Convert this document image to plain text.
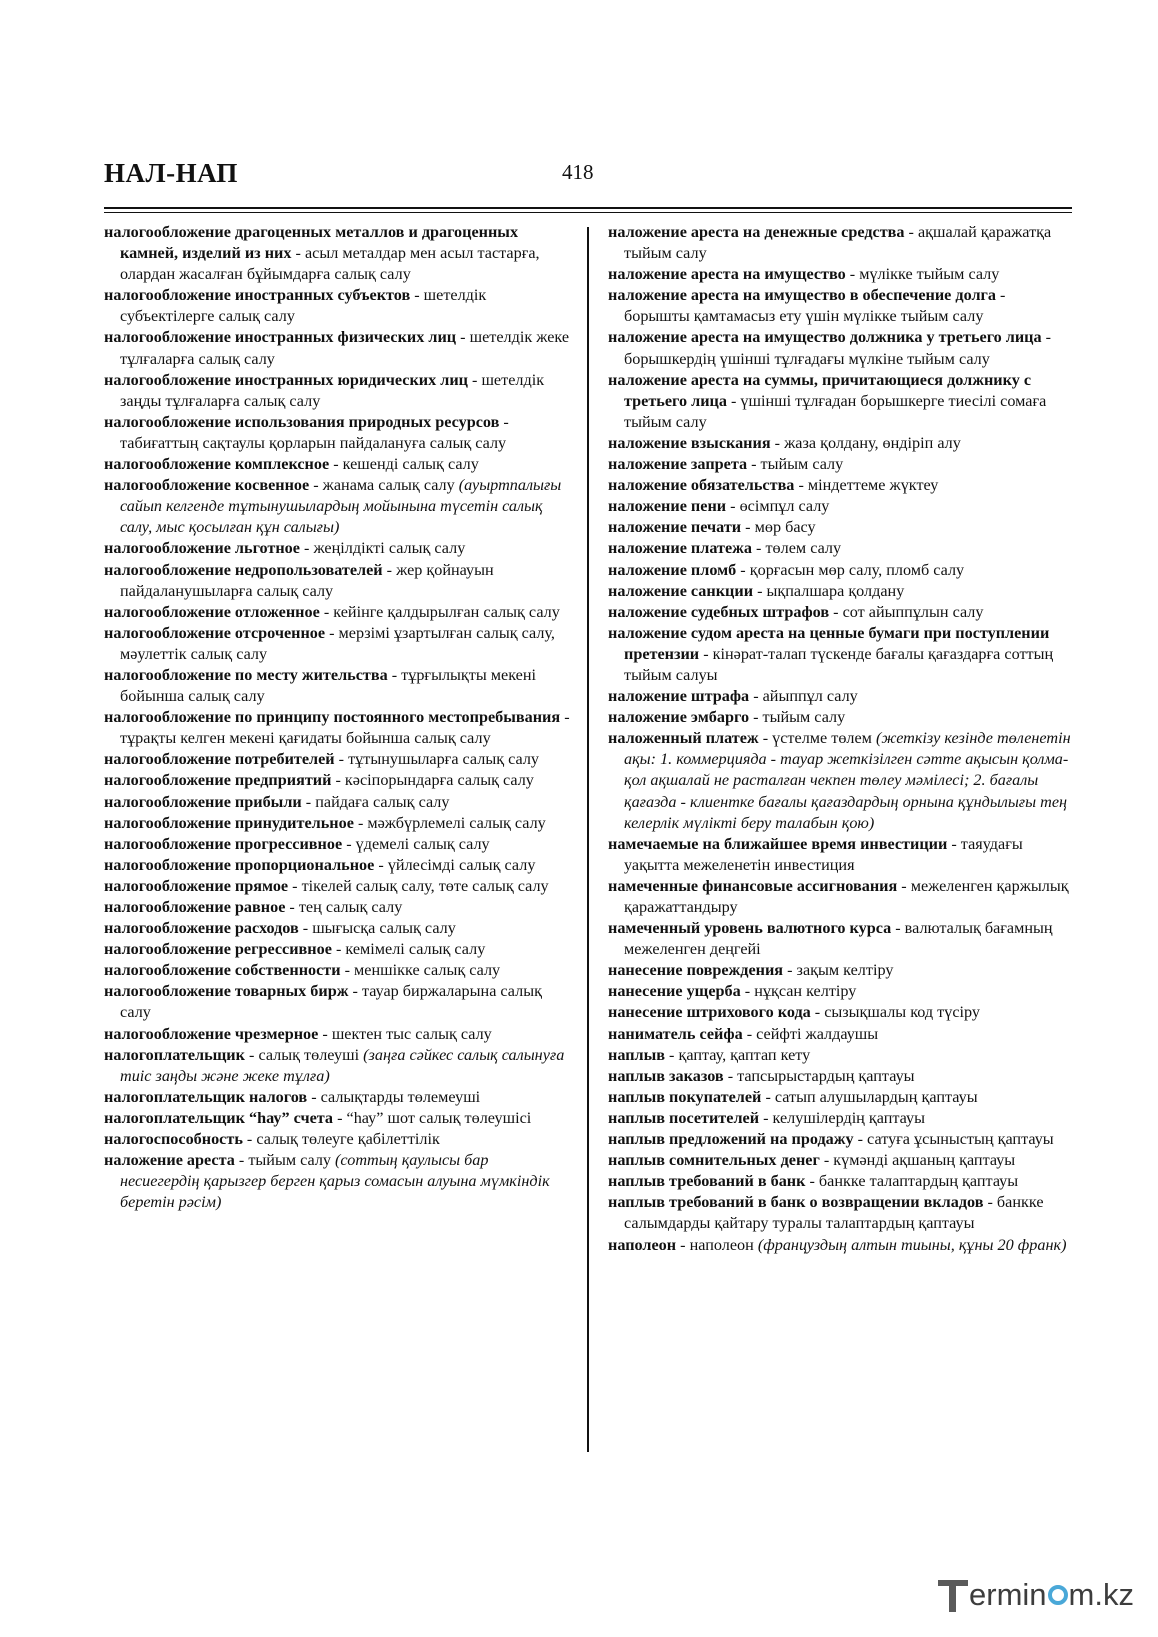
НАЛ-НАП	418

налогообложение драгоценных металлов и драгоценных камней, изделий из них - асыл металдар мен асыл тастарға, олардан жасалған бұйымдарға салық салу

налогообложение иностранных субъектов - шетелдік субъектілерге салық салу

налогообложение иностранных физических лиц - шетелдік жеке тұлғаларға салық салу

налогообложение иностранных юридических лиц - шетелдік заңды тұлғаларға салық салу

налогообложение использования природных ресурсов - табиғаттың сақтаулы қорларын пайдалануға салық салу

налогообложение комплексное - кешенді салық салу

налогообложение косвенное - жанама салық салу (ауыртпалығы сайып келгенде тұтынушылардың мойынына түсетін салық салу, мыс қосылған құн салығы)

налогообложение льготное - жеңілдікті салық салу

налогообложение недропользователей - жер қойнауын пайдаланушыларға салық салу

налогообложение отложенное - кейінге қалдырылған салық салу

налогообложение отсроченное - мерзімі ұзартылған салық салу, мәулеттік салық салу

налогообложение по месту жительства - тұрғылықты мекені бойынша салық салу

налогообложение по принципу постоянного местопребывания - тұрақты келген мекені қағидаты бойынша салық салу

налогообложение потребителей - тұтынушыларға салық салу

налогообложение предприятий - кәсіпорындарға салық салу

налогообложение прибыли - пайдаға салық салу

налогообложение принудительное - мәжбүрлемелі салық салу

налогообложение прогрессивное - үдемелі салық салу

налогообложение пропорциональное - үйлесімді салық салу

налогообложение прямое - тікелей салық салу, төте салық салу

налогообложение равное - тең салық салу

налогообложение расходов - шығысқа салық салу

налогообложение регрессивное - кемімелі салық салу

налогообложение собственности - меншікке салық салу

налогообложение товарных бирж - тауар биржаларына салық салу

налогообложение чрезмерное - шектен тыс салық салу

налогоплательщик - салық төлеуші (заңға сәйкес салық салынуға тиіс заңды және жеке тұлға)

налогоплательщик налогов - салықтарды төлемеуші

налогоплательщик “hау” счета - “hау” шот салық төлеушісі

налогоспособность - салық төлеуге қабілеттілік

наложение ареста - тыйым салу (соттың қаулысы бар несиегердің қарызгер берген қарыз сомасын алуына мүмкіндік беретін рәсім)

наложение ареста на денежные средства - ақшалай қаражатқа тыйым салу

наложение ареста на имущество - мүлікке тыйым салу

наложение ареста на имущество в обеспечение долга - борышты қамтамасыз ету үшін мүлікке тыйым салу

наложение ареста на имущество должника у третьего лица - борышкердің үшінші тұлғадағы мүлкіне тыйым салу

наложение ареста на суммы, причитающиеся должнику с третьего лица - үшінші тұлғадан борышкерге тиесілі сомаға тыйым салу

наложение взыскания - жаза қолдану, өндіріп алу

наложение запрета - тыйым салу

наложение обязательства - міндеттеме жүктеу

наложение пени - өсімпұл салу

наложение печати - мөр басу

наложение платежа - төлем салу

наложение пломб - қорғасын мөр салу, пломб салу

наложение санкции - ықпалшара қолдану

наложение судебных штрафов - сот айыппұлын салу

наложение судом ареста на ценные бумаги при поступлении претензии - кінәрат-талап түскенде бағалы қағаздарға соттың тыйым салуы

наложение штрафа - айыппұл салу

наложение эмбарго - тыйым салу

наложенный платеж - үстелме төлем (жеткізу кезінде төленетін ақы: 1. коммерцияда - тауар жеткізілген сәтте ақысын қолма-қол ақшалай не расталған чекпен төлеу мәмілесі; 2. бағалы қағазда - клиентке бағалы қағаздардың орнына құндылығы тең келерлік мүлікті беру талабын қою)

намечаемые на ближайшее время инвестиции - таяудағы уақытта межеленетін инвестиция

намеченные финансовые ассигнования - межеленген қаржылық қаражаттандыру

намеченный уровень валютного курса - валюталық бағамның межеленген деңгейі

нанесение повреждения - зақым келтіру

нанесение ущерба - нұқсан келтіру

нанесение штрихового кода - сызықшалы код түсіру

наниматель сейфа - сейфті жалдаушы

наплыв - қаптау, қаптап кету

наплыв заказов - тапсырыстардың қаптауы

наплыв покупателей - сатып алушылардың қаптауы

наплыв посетителей - келушілердің қаптауы

наплыв предложений на продажу - сатуға ұсыныстың қаптауы

наплыв сомнительных денег - күмәнді ақшаның қаптауы

наплыв требований в банк - банкке талаптардың қаптауы

наплыв требований в банк о возвращении вкладов - банкке салымдарды қайтару туралы талаптардың қаптауы

наполеон - наполеон (француздың алтын тиыны, құны 20 франк)

ermin m.kz
